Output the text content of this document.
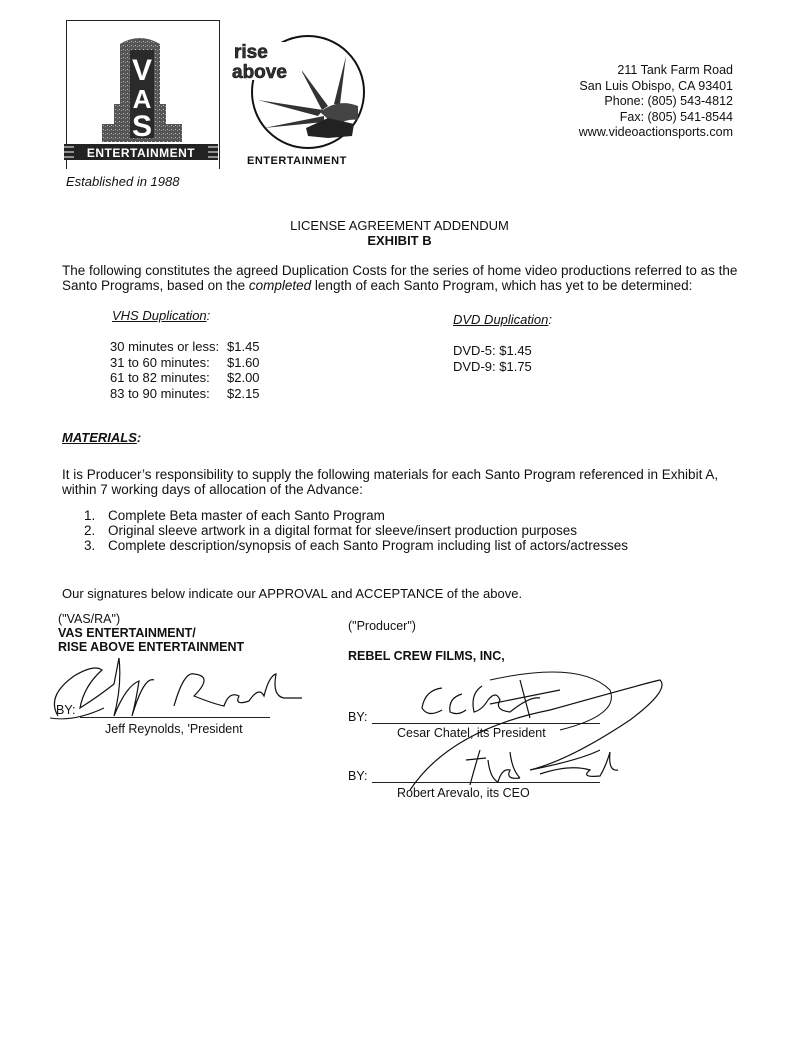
V
A
S
ENTERTAINMENT
Established in 1988
rise
above
ENTERTAINMENT
211 Tank Farm Road
San Luis Obispo, CA 93401
Phone: (805) 543-4812
Fax: (805) 541-8544
www.videoactionsports.com
LICENSE AGREEMENT ADDENDUM
EXHIBIT B
The following constitutes the agreed Duplication Costs for the series of home video productions referred to as the
Santo Programs, based on the completed length of each Santo Program, which has yet to be determined:
VHS Duplication:
30 minutes or less: $1.45
31 to 60 minutes: $1.60
61 to 82 minutes: $2.00
83 to 90 minutes: $2.15
DVD Duplication:
DVD-5: $1.45
DVD-9: $1.75
MATERIALS:
It is Producer’s responsibility to supply the following materials for each Santo Program referenced in Exhibit A,
within 7 working days of allocation of the Advance:
1. Complete Beta master of each Santo Program
2. Original sleeve artwork in a digital format for sleeve/insert production purposes
3. Complete description/synopsis of each Santo Program including list of actors/actresses
Our signatures below indicate our APPROVAL and ACCEPTANCE of the above.
("VAS/RA")
VAS ENTERTAINMENT/
RISE ABOVE ENTERTAINMENT
BY:
Jeff Reynolds, 'President
("Producer")
REBEL CREW FILMS, INC,
BY:
Cesar Chatel, its President
BY:
Robert Arevalo, its CEO
